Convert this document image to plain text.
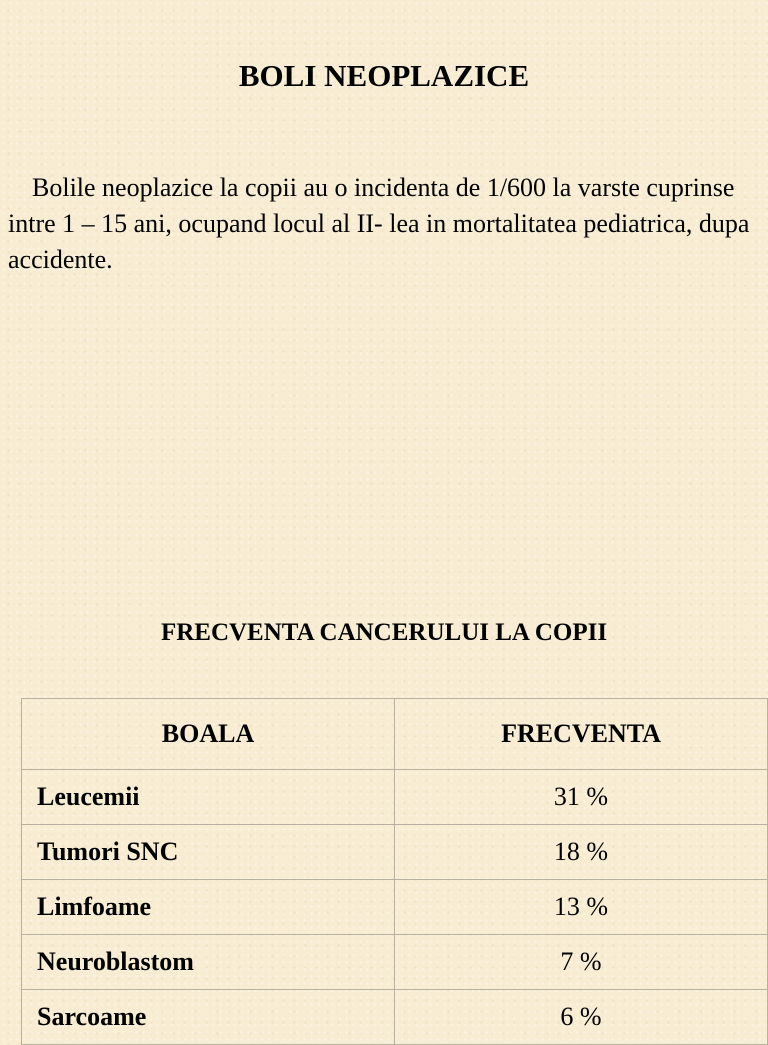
BOLI NEOPLAZICE

Bolile neoplazice la copii au o incidenta de 1/600 la varste cuprinse intre 1 – 15 ani, ocupand locul al II- lea in mortalitatea pediatrica, dupa accidente.

FRECVENTA CANCERULUI LA COPII
BOALA	FRECVENTA
Leucemii	31 %
Tumori SNC	18 %
Limfoame	13 %
Neuroblastom	7 %
Sarcoame	6 %
